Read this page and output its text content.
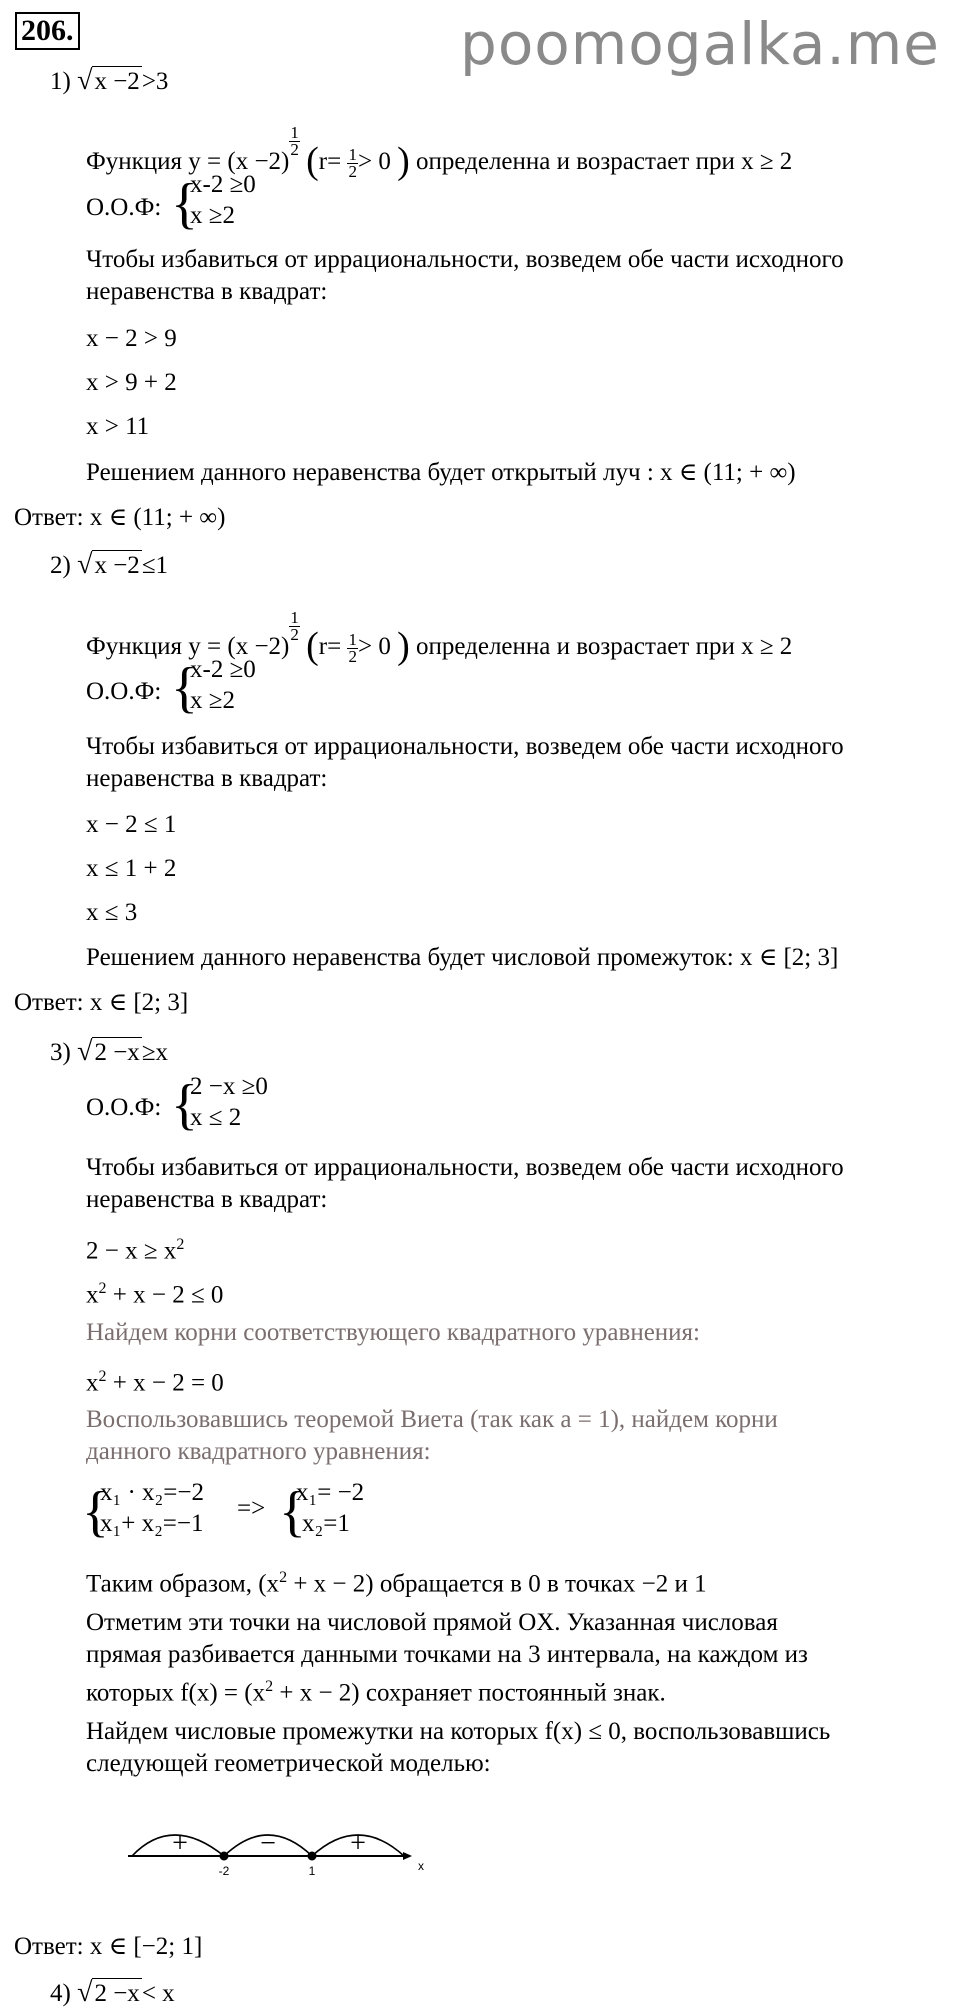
206.	poomogalka.me
1) √x −2>3
Функция y = (x −2)
$^{\frac{1}{2}}$ ($r= \frac{1}{2} > 0$ ) определенна и возрастает при x ≥ 2
О.О.Ф: {
x-2 ≥0
x ≥2
Чтобы избавиться от иррациональности, возведем обе части исходного
неравенства в квадрат:
x − 2 > 9
x > 9 + 2
x > 11
Решением данного неравенства будет открытый луч : x ∈ (11; + ∞)
Ответ: x ∈ (11; + ∞)
2) √x −2≤1
Функция y = (x −2)
$^{\frac{1}{2}}$ ($r= \frac{1}{2} > 0$ ) определенна и возрастает при x ≥ 2
О.О.Ф: {
x-2 ≥0
x ≥2
Чтобы избавиться от иррациональности, возведем обе части исходного
неравенства в квадрат:
x − 2 ≤ 1
x ≤ 1 + 2
x ≤ 3
Решением данного неравенства будет числовой промежуток: x ∈ [2; 3]
Ответ: x ∈ [2; 3]
3) √2 −x≥x
О.О.Ф: {
2 −x ≥0
x ≤ 2
Чтобы избавиться от иррациональности, возведем обе части исходного
неравенства в квадрат:
$2 - x \ge x^2$
$x^2 + x - 2 \le 0$
Найдем корни соответствующего квадратного уравнения:
$x^2 + x - 2 = 0$
Воспользовавшись теоремой Виета (так как a = 1), найдем корни
данного квадратного уравнения:
{
x₁ · x₂=−2
x₁+ x₂=−1
=> {
x₁= −2
x₂=1
Таким образом, $(x^2 + x - 2)$ обращается в 0 в точках −2 и 1
Отметим эти точки на числовой прямой OX. Указанная числовая
прямая разбивается данными точками на 3 интервала, на каждом из
которых $f(x) = (x^2 + x - 2)$ сохраняет постоянный знак.
Найдем числовые промежутки на которых f(x) ≤ 0, воспользовавшись
следующей геометрической моделью:
+	−	+
-2	1	x
Ответ: x ∈ [−2; 1]
4) √2 −x< x
